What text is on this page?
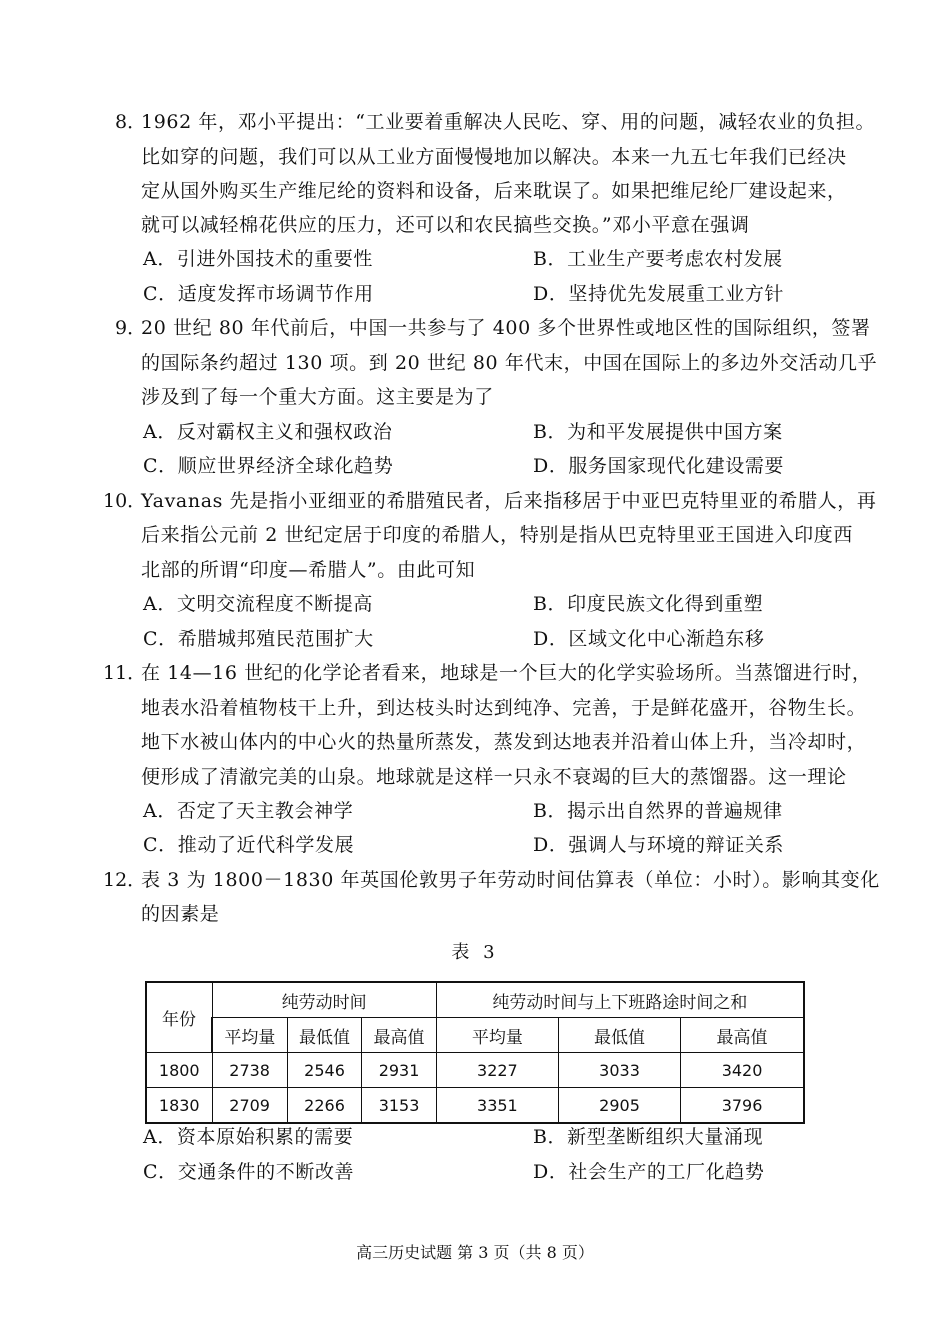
8．
1962 年，邓小平提出：“工业要着重解决人民吃、穿、用的问题，减轻农业的负担。
比如穿的问题，我们可以从工业方面慢慢地加以解决。本来一九五七年我们已经决
定从国外购买生产维尼纶的资料和设备，后来耽误了。如果把维尼纶厂建设起来，
就可以减轻棉花供应的压力，还可以和农民搞些交换。”邓小平意在强调
A．引进外国技术的重要性	B．工业生产要考虑农村发展
C．适度发挥市场调节作用	D．坚持优先发展重工业方针
9．
20 世纪 80 年代前后，中国一共参与了 400 多个世界性或地区性的国际组织，签署
的国际条约超过 130 项。到 20 世纪 80 年代末，中国在国际上的多边外交活动几乎
涉及到了每一个重大方面。这主要是为了
A．反对霸权主义和强权政治	B．为和平发展提供中国方案
C．顺应世界经济全球化趋势	D．服务国家现代化建设需要
10．
Yavanas 先是指小亚细亚的希腊殖民者，后来指移居于中亚巴克特里亚的希腊人，再
后来指公元前 2 世纪定居于印度的希腊人，特别是指从巴克特里亚王国进入印度西
北部的所谓“印度—希腊人”。由此可知
A．文明交流程度不断提高	B．印度民族文化得到重塑
C．希腊城邦殖民范围扩大	D．区域文化中心渐趋东移
11．
在 14—16 世纪的化学论者看来，地球是一个巨大的化学实验场所。当蒸馏进行时，
地表水沿着植物枝干上升，到达枝头时达到纯净、完善，于是鲜花盛开，谷物生长。
地下水被山体内的中心火的热量所蒸发，蒸发到达地表并沿着山体上升，当冷却时，
便形成了清澈完美的山泉。地球就是这样一只永不衰竭的巨大的蒸馏器。这一理论
A．否定了天主教会神学	B．揭示出自然界的普遍规律
C．推动了近代科学发展	D．强调人与环境的辩证关系
12．
表 3 为 1800－1830 年英国伦敦男子年劳动时间估算表（单位：小时）。影响其变化
的因素是
表 3
年份	纯劳动时间			纯劳动时间与上下班路途时间之和		
	平均量	最低值	最高值	平均量	最低值	最高值
1800	2738	2546	2931	3227	3033	3420
1830	2709	2266	3153	3351	2905	3796
A．资本原始积累的需要	B．新型垄断组织大量涌现
C．交通条件的不断改善	D．社会生产的工厂化趋势
高三历史试题 第 3 页（共 8 页）
